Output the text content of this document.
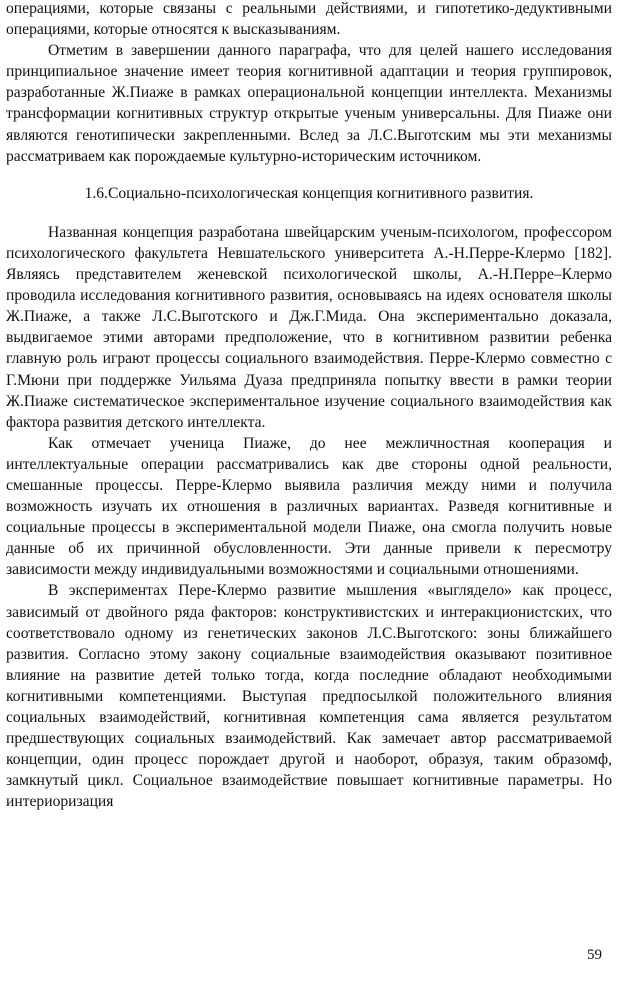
операциями, которые связаны с реальными действиями, и гипотетико-дедуктивными операциями, которые относятся к высказываниям.

Отметим в завершении данного параграфа, что для целей нашего исследования принципиальное значение имеет теория когнитивной адаптации и теория группировок, разработанные Ж.Пиаже в рамках операциональной концепции интеллекта. Механизмы трансформации когнитивных структур открытые ученым универсальны. Для Пиаже они являются генотипически закрепленными. Вслед за Л.С.Выготским мы эти механизмы рассматриваем как порождаемые культурно-историческим источником.

1.6.Социально-психологическая концепция когнитивного развития.

Названная концепция разработана швейцарским ученым-психологом, профессором психологического факультета Невшательского университета А.-Н.Перре-Клермо [182]. Являясь представителем женевской психологической школы, А.-Н.Перре–Клермо проводила исследования когнитивного развития, основываясь на идеях основателя школы Ж.Пиаже, а также Л.С.Выготского и Дж.Г.Мида. Она экспериментально доказала, выдвигаемое этими авторами предположение, что в когнитивном развитии ребенка главную роль играют процессы социального взаимодействия. Перре-Клермо совместно с Г.Мюни при поддержке Уильяма Дуаза предприняла попытку ввести в рамки теории Ж.Пиаже систематическое экспериментальное изучение социального взаимодействия как фактора развития детского интеллекта.

Как отмечает ученица Пиаже, до нее межличностная кооперация и интеллектуальные операции рассматривались как две стороны одной реальности, смешанные процессы. Перре-Клермо выявила различия между ними и получила возможность изучать их отношения в различных вариантах. Разведя когнитивные и социальные процессы в экспериментальной модели Пиаже, она смогла получить новые данные об их причинной обусловленности. Эти данные привели к пересмотру зависимости между индивидуальными возможностями и социальными отношениями.

В экспериментах Пере-Клермо развитие мышления «выглядело» как процесс, зависимый от двойного ряда факторов: конструктивистских и интеракционистских, что соответствовало одному из генетических законов Л.С.Выготского: зоны ближайшего развития. Согласно этому закону социальные взаимодействия оказывают позитивное влияние на развитие детей только тогда, когда последние обладают необходимыми когнитивными компетенциями. Выступая предпосылкой положительного влияния социальных взаимодействий, когнитивная компетенция сама является результатом предшествующих социальных взаимодействий. Как замечает автор рассматриваемой концепции, один процесс порождает другой и наоборот, образуя, таким образомф, замкнутый цикл. Социальное взаимодействие повышает когнитивные параметры. Но интериоризация

59
